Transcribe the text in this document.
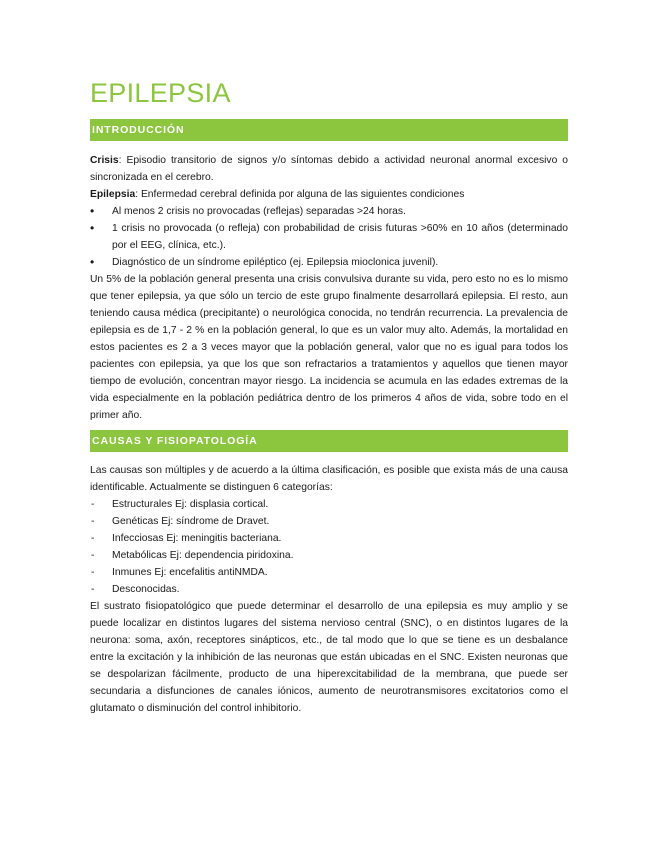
EPILEPSIA
INTRODUCCIÓN

Crisis: Episodio transitorio de signos y/o síntomas debido a actividad neuronal anormal excesivo o sincronizada en el cerebro.

Epilepsia: Enfermedad cerebral definida por alguna de las siguientes condiciones

• Al menos 2 crisis no provocadas (reflejas) separadas >24 horas.
• 1 crisis no provocada (o refleja) con probabilidad de crisis futuras >60% en 10 años (determinado por el EEG, clínica, etc.).
• Diagnóstico de un síndrome epiléptico (ej. Epilepsia mioclonica juvenil).

Un 5% de la población general presenta una crisis convulsiva durante su vida, pero esto no es lo mismo que tener epilepsia, ya que sólo un tercio de este grupo finalmente desarrollará epilepsia. El resto, aun teniendo causa médica (precipitante) o neurológica conocida, no tendrán recurrencia. La prevalencia de epilepsia es de 1,7 - 2 % en la población general, lo que es un valor muy alto. Además, la mortalidad en estos pacientes es 2 a 3 veces mayor que la población general, valor que no es igual para todos los pacientes con epilepsia, ya que los que son refractarios a tratamientos y aquellos que tienen mayor tiempo de evolución, concentran mayor riesgo. La incidencia se acumula en las edades extremas de la vida especialmente en la población pediátrica dentro de los primeros 4 años de vida, sobre todo en el primer año.

CAUSAS Y FISIOPATOLOGÍA

Las causas son múltiples y de acuerdo a la última clasificación, es posible que exista más de una causa identificable. Actualmente se distinguen 6 categorías:

- Estructurales Ej: displasia cortical.
- Genéticas Ej: síndrome de Dravet.
- Infecciosas Ej: meningitis bacteriana.
- Metabólicas Ej: dependencia piridoxina.
- Inmunes Ej: encefalitis antiNMDA.
- Desconocidas.

El sustrato fisiopatológico que puede determinar el desarrollo de una epilepsia es muy amplio y se puede localizar en distintos lugares del sistema nervioso central (SNC), o en distintos lugares de la neurona: soma, axón, receptores sinápticos, etc., de tal modo que lo que se tiene es un desbalance entre la excitación y la inhibición de las neuronas que están ubicadas en el SNC. Existen neuronas que se despolarizan fácilmente, producto de una hiperexcitabilidad de la membrana, que puede ser secundaria a disfunciones de canales iónicos, aumento de neurotransmisores excitatorios como el glutamato o disminución del control inhibitorio.
